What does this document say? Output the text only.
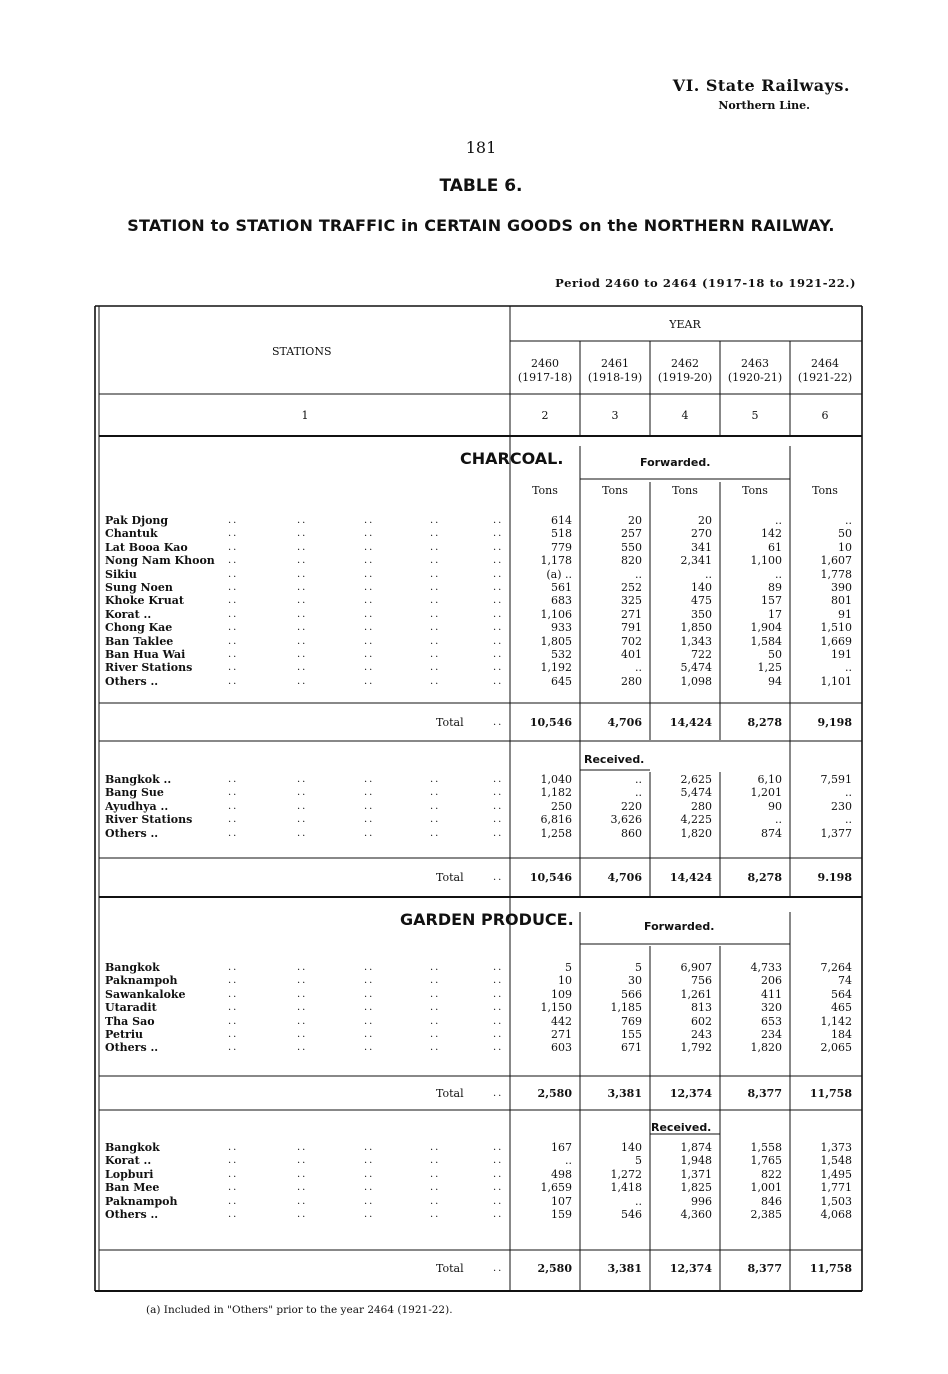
VI. State Railways.
Northern Line.
181
TABLE 6.
STATION to STATION TRAFFIC in CERTAIN GOODS on the NORTHERN RAILWAY.
Period 2460 to 2464 (1917-18 to 1921-22.)
STATIONS
YEAR
2460
(1917-18)
2461
(1918-19)
2462
(1919-20)
2463
(1920-21)
2464
(1921-22)
1	2	3	4	5	6
CHARCOAL.	Forwarded.
Tons	Tons	Tons	Tons	Tons
Pak Djong	..	..	..	..	..	614	20	20	..	..
Chantuk	..	..	..	..	..	518	257	270	142	50
Lat Booa Kao	..	..	..	..	..	779	550	341	61	10
Nong Nam Khoon ..	..	..	..	..	1,178	820	2,341	1,100	1,607
Sikiu	..	..	..	..	..	(a) ..	..	..	..	1,778
Sung Noen	..	..	..	..	..	561	252	140	89	390
Khoke Kruat	..	..	..	..	..	683	325	475	157	801
Korat ..	..	..	..	..	..	1,106	271	350	17	91
Chong Kae	..	..	..	..	..	933	791	1,850	1,904	1,510
Ban Taklee	..	..	..	..	..	1,805	702	1,343	1,584	1,669
Ban Hua Wai	..	..	..	..	..	532	401	722	50	191
River Stations	..	..	..	..	..	1,192	..	5,474	1,25	..
Others ..	..	..	..	..	..	645	280	1,098	94	1,101
Total	..	10,546	4,706	14,424	8,278	9,198
Received.
Bangkok ..	..	..	..	..	..	1,040	..	2,625	6,10	7,591
Bang Sue	..	..	..	..	..	1,182	..	5,474	1,201	..
Ayudhya ..	..	..	..	..	..	250	220	280	90	230
River Stations	..	..	..	..	..	6,816	3,626	4,225	..	..
Others ..	..	..	..	..	..	1,258	860	1,820	874	1,377
Total	..	10,546	4,706	14,424	8,278	9.198
GARDEN PRODUCE.	Forwarded.
Bangkok	..	..	..	..	..	5	5	6,907	4,733	7,264
Paknampoh	..	..	..	..	..	10	30	756	206	74
Sawankaloke	..	..	..	..	..	109	566	1,261	411	564
Utaradit	..	..	..	..	..	1,150	1,185	813	320	465
Tha Sao	..	..	..	..	..	442	769	602	653	1,142
Petriu	..	..	..	..	..	271	155	243	234	184
Others ..	..	..	..	..	..	603	671	1,792	1,820	2,065
Total	..	2,580	3,381	12,374	8,377	11,758
Received.
Bangkok	..	..	..	..	..	167	140	1,874	1,558	1,373
Korat ..	..	..	..	..	..	..	5	1,948	1,765	1,548
Lopburi	..	..	..	..	..	498	1,272	1,371	822	1,495
Ban Mee	..	..	..	..	..	1,659	1,418	1,825	1,001	1,771
Paknampoh	..	..	..	..	..	107	..	996	846	1,503
Others ..	..	..	..	..	..	159	546	4,360	2,385	4,068
Total	..	2,580	3,381	12,374	8,377	11,758
(a) Included in "Others" prior to the year 2464 (1921-22).
